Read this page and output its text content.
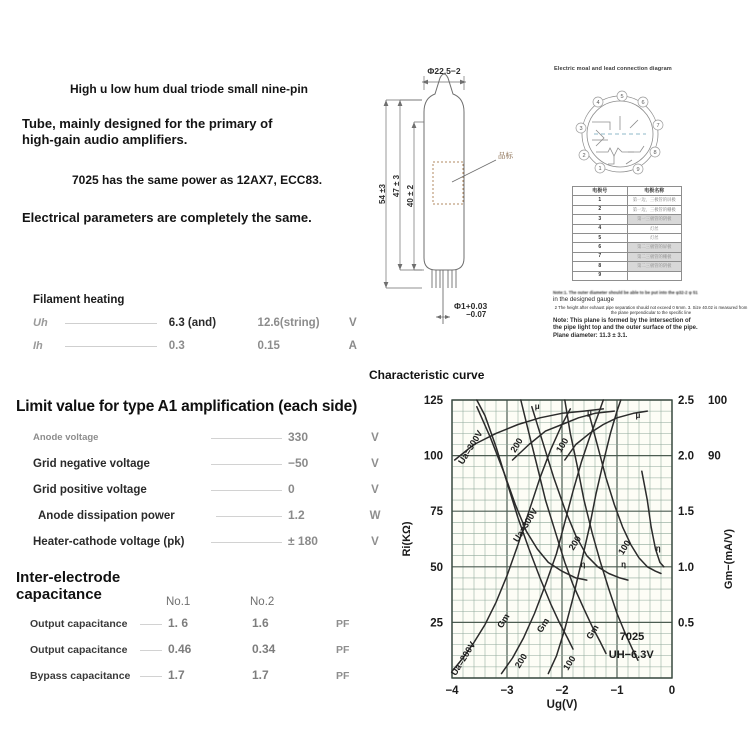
High u low hum dual triode small nine-pin

Tube, mainly designed for the primary of

high-gain audio amplifiers.

7025 has the same power as 12AX7, ECC83.

Electrical parameters are completely the same.

Filament heating
Uh	6.3 (and)	12.6(string)	V
Ih	0.3	0.15	A
Limit value for type A1 amplification (each side)
Anode voltage	330	V
Grid negative voltage	−50	V
Grid positive voltage	0	V
Anode dissipation power	1.2	W
Heater-cathode voltage (pk)	± 180	V
Inter-electrode capacitance	No.1	No.2
Output capacitance	1. 6	1.6	PF
Output capacitance	0.46	0.34	PF
Bypass capacitance	1.7	1.7	PF
Φ22.5−2
54 ±3 47 ± 3 40 ± 2
Φ1+0.03
−0.07
品标
Electric moal and lead connection diagram
1
2
3
4
5
6
7
8
9
电极号	电极名称
1	第一边、三极管的屏极
2	第一边、三极管的栅极
3	第一三极管的阴极
4	灯丝
5	灯丝
6	第二三极管的屏极
7	第二三极管的栅极
8	第二三极管的阴极
9	
Note:1. The outer diameter should be able to be put into the φ32-2 φ 51
in the designed gauge
2 The height after exhaust pipe separation should not exceed 0 6mm. 3. Size 40.02 is measured from the plane perpendicular to the specific line
Note: This plane is formed by the intersection of
the pipe light top and the outer surface of the pipe.
Plane diameter: 11.3 ± 3.1.
Characteristic curve
Ua=300V	200	100
Ua=300V	200	100
Gm	Gm	Gm
Ua=200V	200	100
μ
μ	μ
η	η
η
7025
UH−6.3V
−4	−3	−2	−1	0
Ug(V)
25
50
75
100
125
Ri(KΩ)
0.5
1.0
1.5
2.0
2.5
90
100
Gm−(mA/V)
